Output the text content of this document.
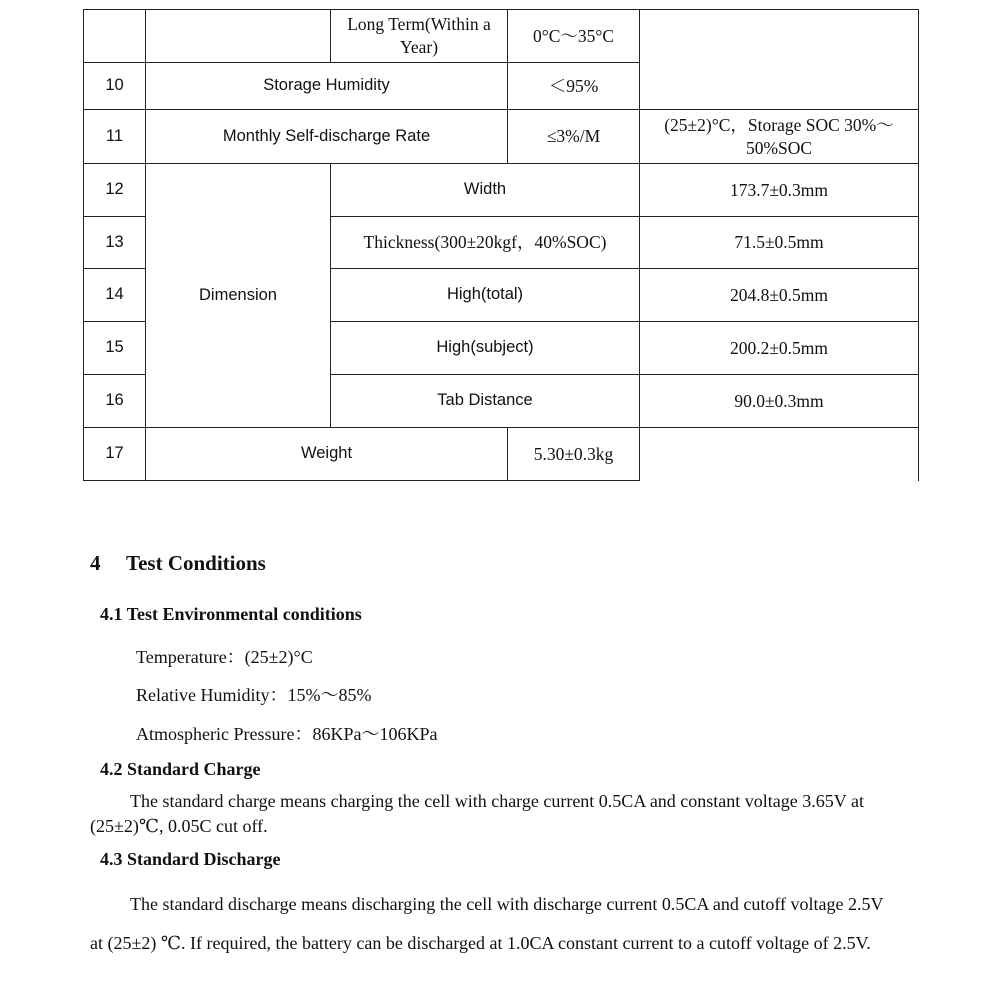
		Long Term(Within a Year)	0°C～35°C		
10	Storage Humidity		＜95%		
11	Monthly Self-discharge Rate		≤3%/M	(25±2)°C，Storage SOC 30%～50%SOC	
12	Dimension	Width		173.7±0.3mm	
13		Thickness(300±20kgf，40%SOC)		71.5±0.5mm	
14		High(total)		204.8±0.5mm	
15		High(subject)		200.2±0.5mm	
16		Tab Distance		90.0±0.3mm	
17	Weight		5.30±0.3kg		
4 Test Conditions
4.1 Test Environmental conditions

Temperature：(25±2)°C

Relative Humidity：15%～85%

Atmospheric Pressure：86KPa～106KPa

4.2 Standard Charge

The standard charge means charging the cell with charge current 0.5CA and constant voltage 3.65V at (25±2)℃, 0.05C cut off.

4.3 Standard Discharge

The standard discharge means discharging the cell with discharge current 0.5CA and cutoff voltage 2.5V at (25±2) ℃. If required, the battery can be discharged at 1.0CA constant current to a cutoff voltage of 2.5V.
